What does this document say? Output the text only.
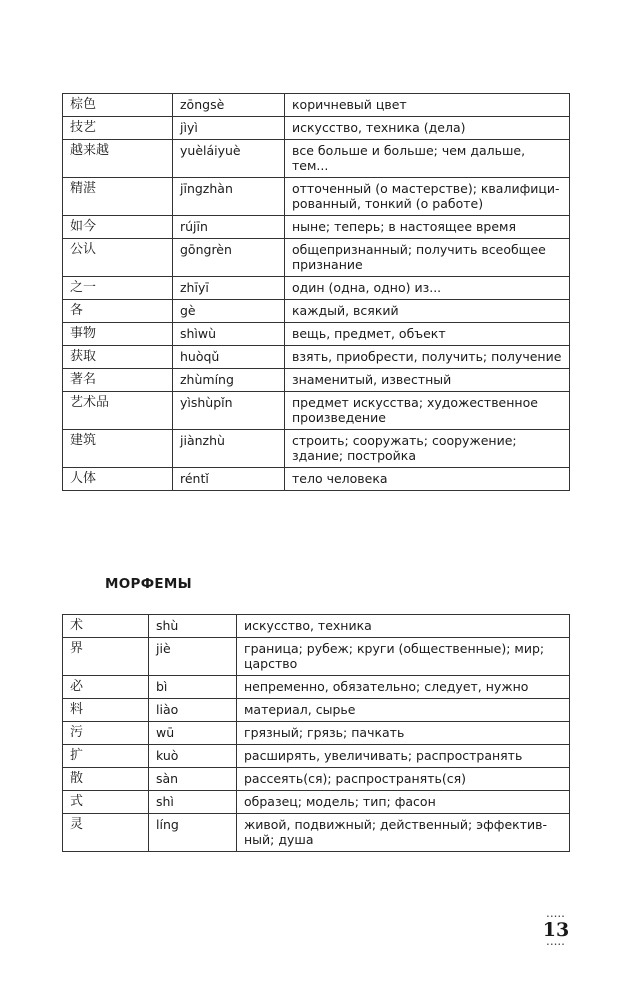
棕色	zōngsè	коричневый цвет
技艺	jìyì	искусство, техника (дела)
越来越	yuèláiyuè	все больше и больше; чем дальше, тем...
精湛	jīngzhàn	отточенный (о мастерстве); квалифици-рованный, тонкий (о работе)
如今	rújīn	ныне; теперь; в настоящее время
公认	gōngrèn	общепризнанный; получить всеобщее признание
之一	zhīyī	один (одна, одно) из...
各	gè	каждый, всякий
事物	shìwù	вещь, предмет, объект
获取	huòqǔ	взять, приобрести, получить; получение
著名	zhùmíng	знаменитый, известный
艺术品	yìshùpǐn	предмет искусства; художественное произведение
建筑	jiànzhù	строить; сооружать; сооружение; здание; постройка
人体	réntǐ	тело человека
МОРФЕМЫ
术	shù	искусство, техника
界	jiè	граница; рубеж; круги (общественные); мир; царство
必	bì	непременно, обязательно; следует, нужно
料	liào	материал, сырье
污	wū	грязный; грязь; пачкать
扩	kuò	расширять, увеличивать; распространять
散	sàn	рассеять(ся); распространять(ся)
式	shì	образец; модель; тип; фасон
灵	líng	живой, подвижный; действенный; эффектив-ный; душа
·····
13
·····
